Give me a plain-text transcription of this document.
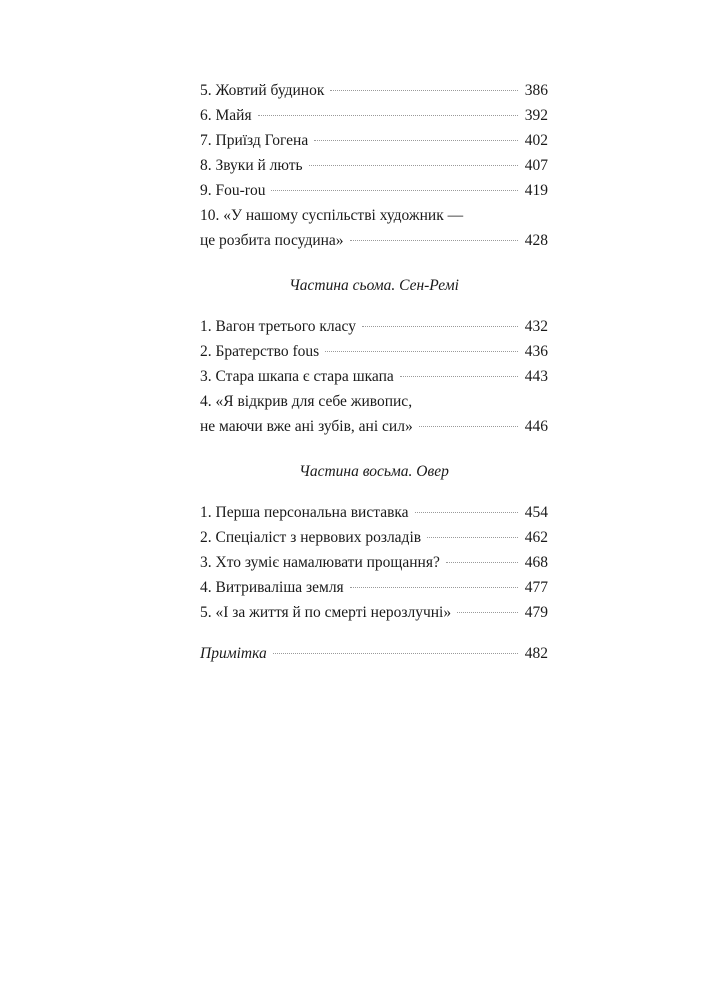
5. Жовтий будинок	386
6. Майя	392
7. Приїзд Гогена	402
8. Звуки й лють	407
9. Fou-rou	419
10. «У нашому суспільстві художник —
це розбита посудина»	428

Частина сьома. Сен-Ремі

1. Вагон третього класу	432
2. Братерство fous	436
3. Стара шкапа є стара шкапа	443
4. «Я відкрив для себе живопис,
не маючи вже ані зубів, ані сил»	446

Частина восьма. Овер

1. Перша персональна виставка	454
2. Спеціаліст з нервових розладів	462
3. Хто зуміє намалювати прощання?	468
4. Витриваліша земля	477
5. «І за життя й по смерті нерозлучні»	479
Примітка	482
